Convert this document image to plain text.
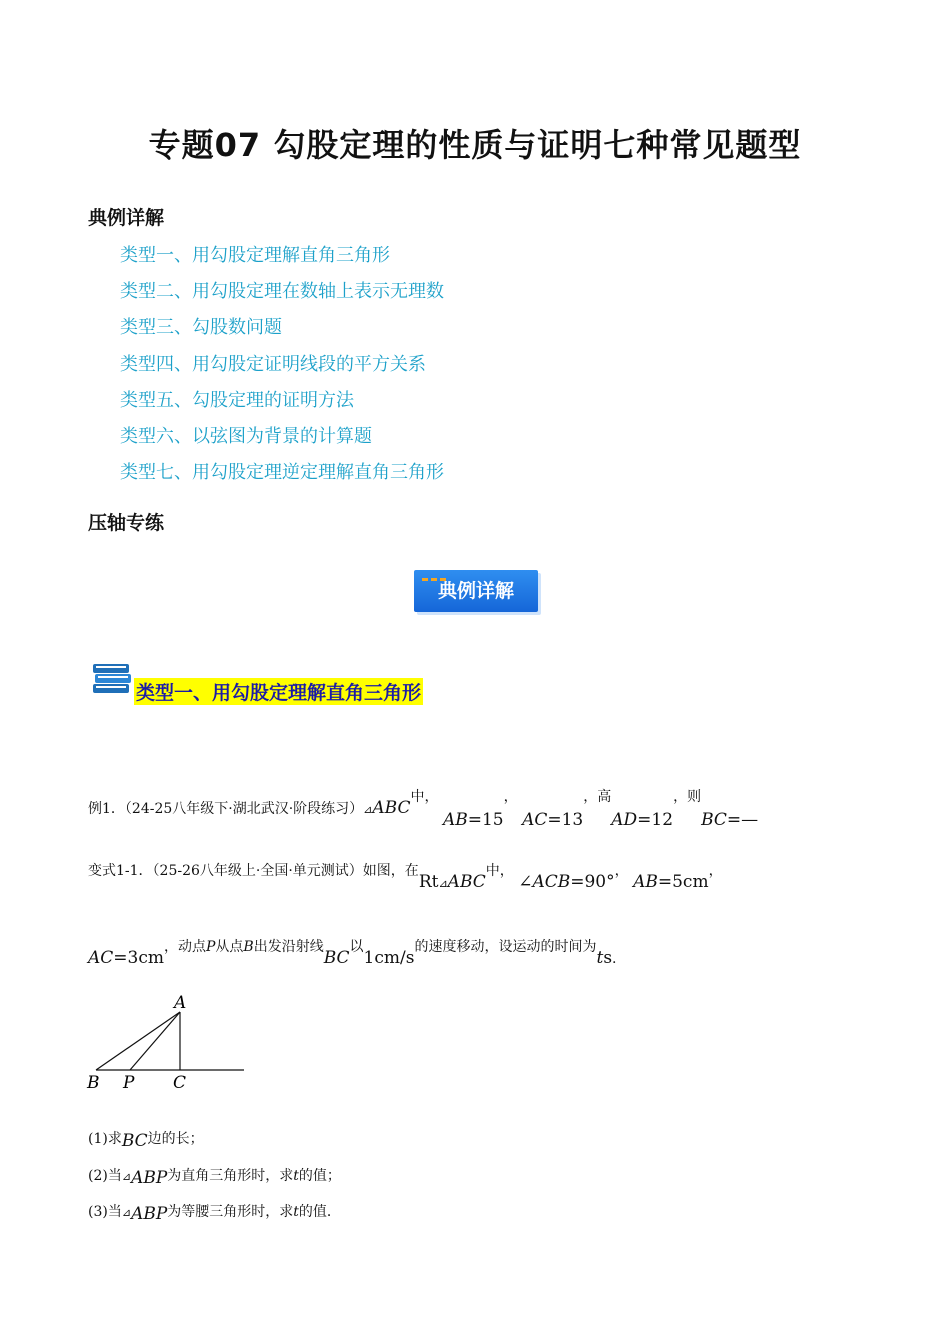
专题07 勾股定理的性质与证明七种常见题型
典例详解
类型一、用勾股定理解直角三角形
类型二、用勾股定理在数轴上表示无理数
类型三、勾股数问题
类型四、用勾股定证明线段的平方关系
类型五、勾股定理的证明方法
类型六、以弦图为背景的计算题
类型七、用勾股定理逆定理解直角三角形
压轴专练
典例详解
类型一、用勾股定理解直角三角形
例1．（24-25八年级下·湖北武汉·阶段练习）⊿ABC中， AB=15， AC=13，高AD=12，则BC=—
变式1-1．（25-26八年级上·全国·单元测试）如图，在$Rt_⊿ABC$中， ∠ACB=90°， AB=5cm，
AC=3cm，动点P从点B出发沿射线BC以1cm/s的速度移动，设运动的时间为ts.
A
B P C
(1)求BC边的长；
(2)当⊿ABP为直角三角形时，求t的值；
(3)当⊿ABP为等腰三角形时，求t的值．
